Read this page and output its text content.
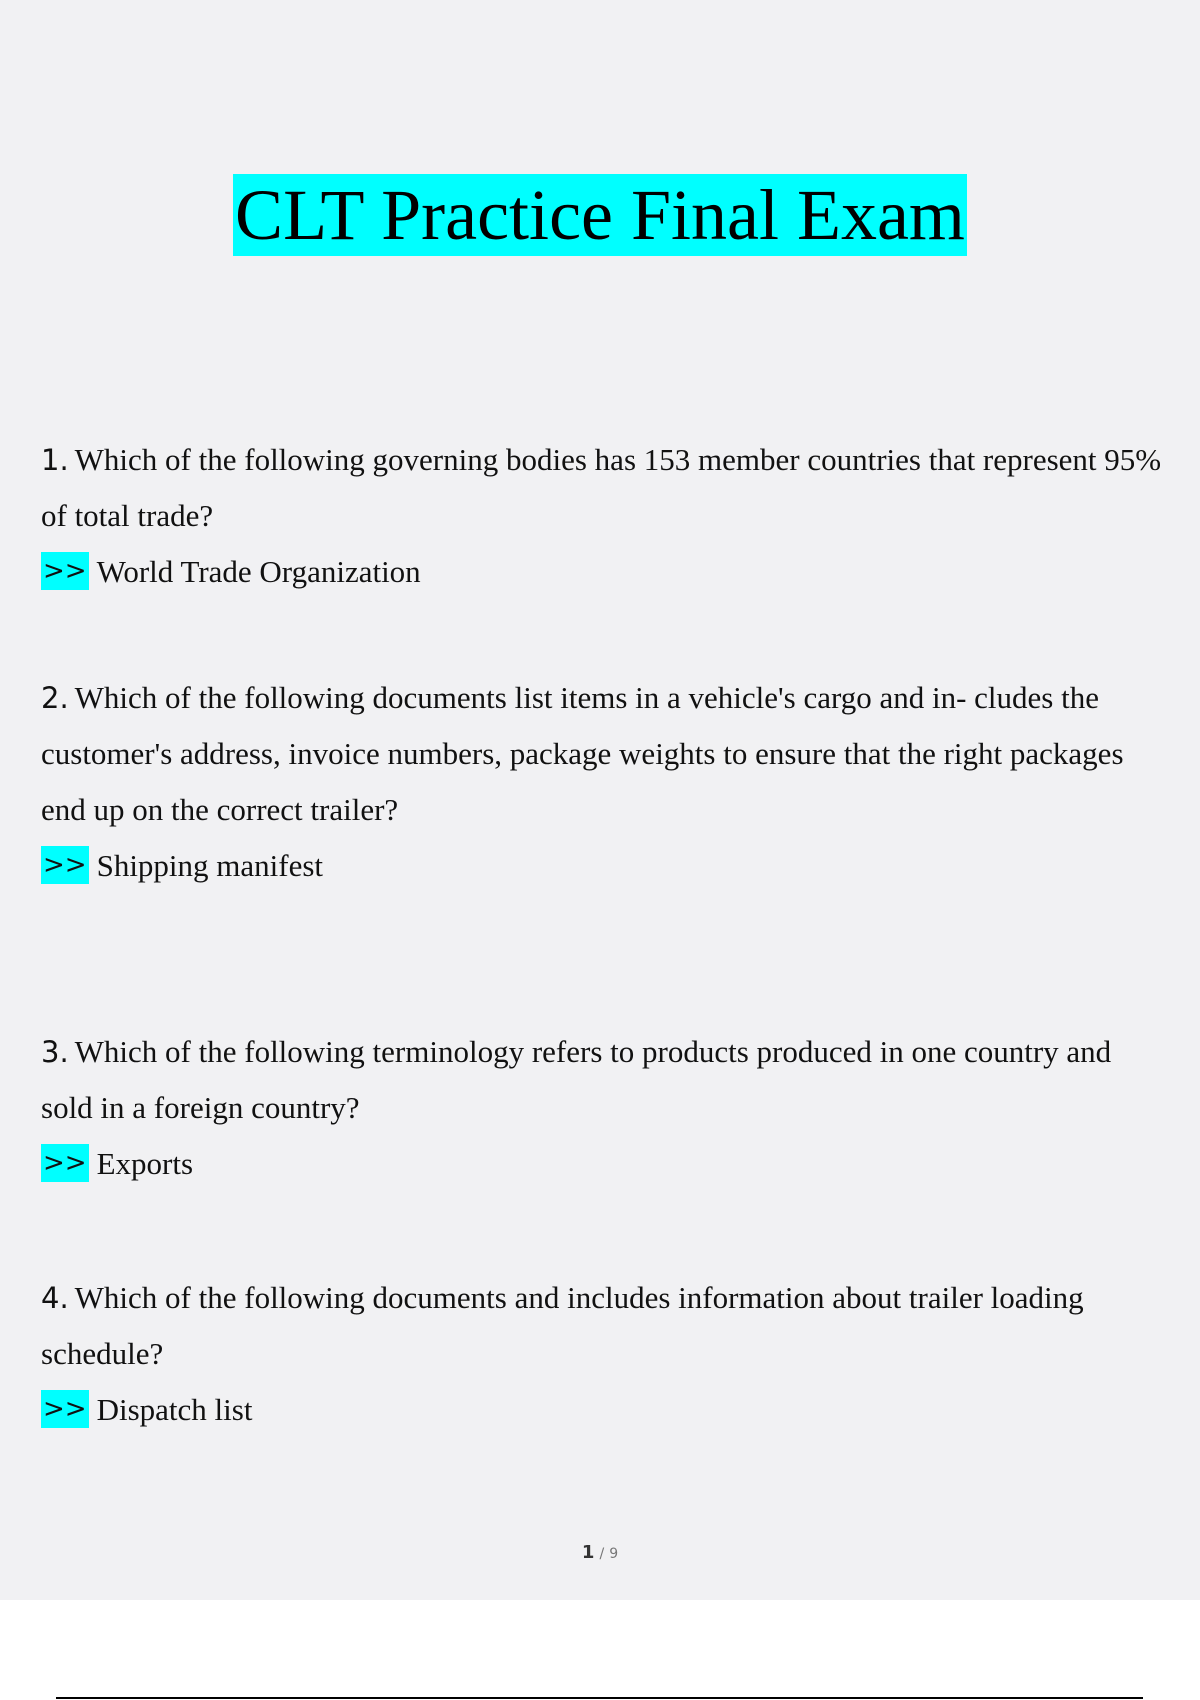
CLT Practice Final Exam

1. Which of the following governing bodies has 153 member countries that represent 95% of total trade?

>> World Trade Organization

2. Which of the following documents list items in a vehicle's cargo and in- cludes the customer's address, invoice numbers, package weights to ensure that the right packages end up on the correct trailer?

>> Shipping manifest

3. Which of the following terminology refers to products produced in one country and sold in a foreign country?

>> Exports

4. Which of the following documents and includes information about trailer loading schedule?

>> Dispatch list

1 / 9
